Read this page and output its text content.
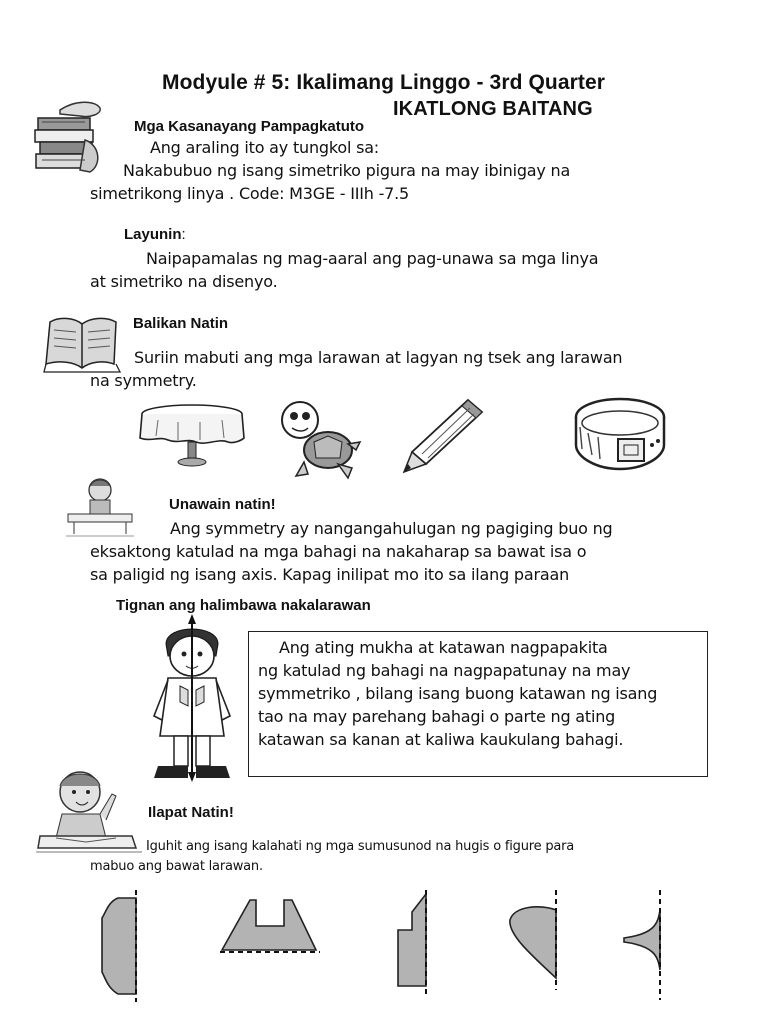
Modyule # 5: Ikalimang Linggo - 3rd Quarter
IKATLONG BAITANG
Mga Kasanayang Pampagkatuto
Ang araling ito ay tungkol sa:
Nakabubuo ng isang simetriko pigura na may ibinigay na
simetrikong linya . Code: M3GE - IIIh -7.5
Layunin:
Naipapamalas ng mag-aaral ang pag-unawa sa mga linya
at simetriko na disenyo.
Balikan Natin
Suriin mabuti ang mga larawan at lagyan ng tsek ang larawan
na symmetry.
Unawain natin!
Ang symmetry ay nangangahulugan ng pagiging buo ng
eksaktong katulad na mga bahagi na nakaharap sa bawat isa o
sa paligid ng isang axis. Kapag inilipat mo ito sa ilang paraan
Tignan ang halimbawa nakalarawan
Ang ating mukha at katawan nagpapakita
ng katulad ng bahagi na nagpapatunay na may
symmetriko , bilang isang buong katawan ng isang
tao na may parehang bahagi o parte ng ating
katawan sa kanan at kaliwa kaukulang bahagi.
Ilapat Natin!
Iguhit ang isang kalahati ng mga sumusunod na hugis o figure para
mabuo ang bawat larawan.
